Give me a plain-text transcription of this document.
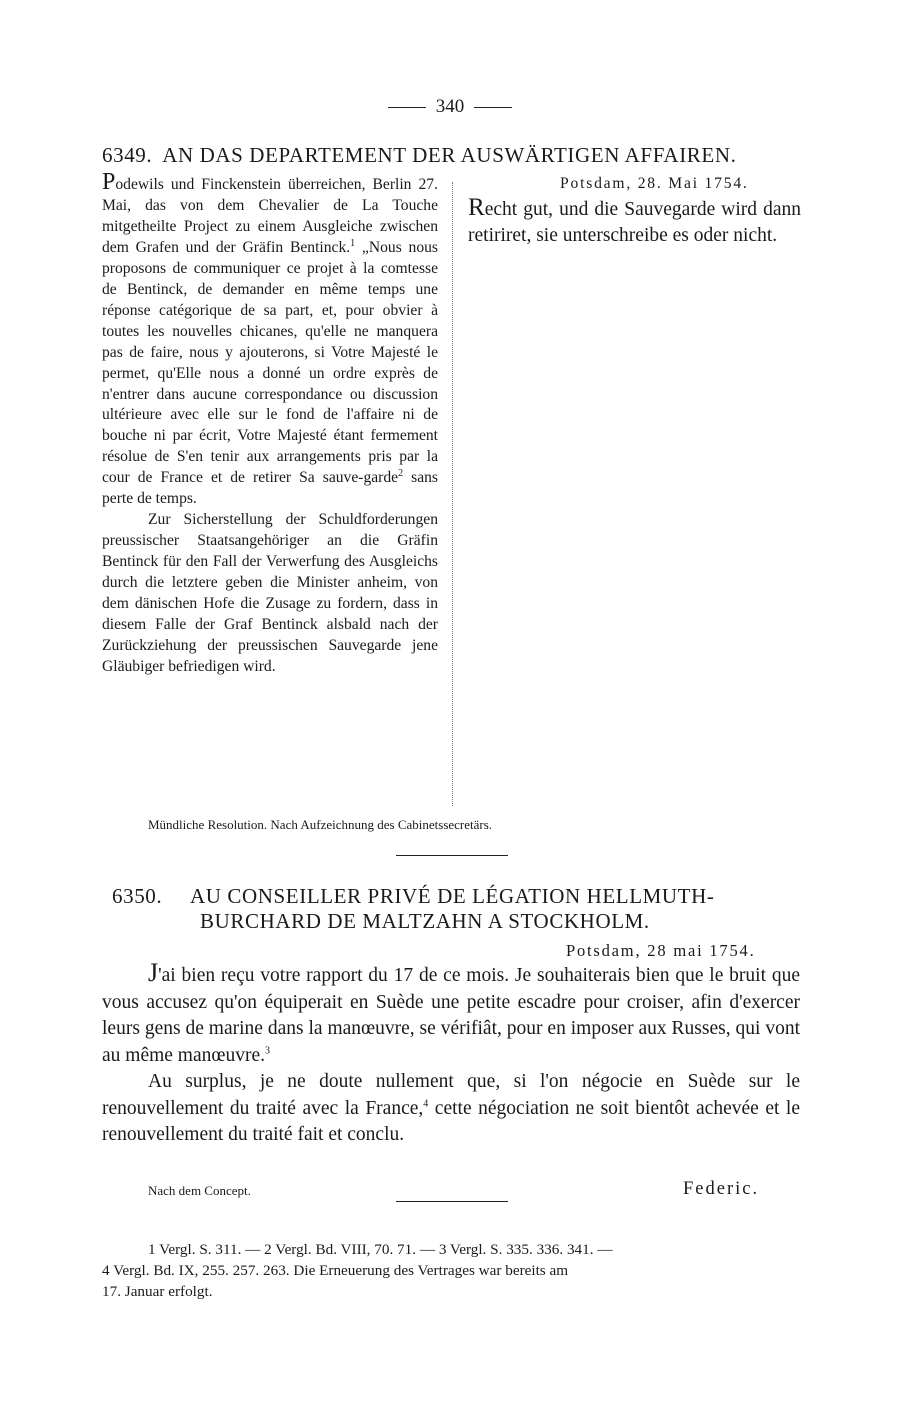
340
6349. AN DAS DEPARTEMENT DER AUSWÄRTIGEN AFFAIREN.

Podewils und Finckenstein überreichen, Berlin 27. Mai, das von dem Chevalier de La Touche mitgetheilte Project zu einem Ausgleiche zwischen dem Grafen und der Gräfin Bentinck.$^1$ „Nous nous proposons de communiquer ce projet à la comtesse de Bentinck, de demander en même temps une réponse catégorique de sa part, et, pour obvier à toutes les nouvelles chicanes, qu'elle ne manquera pas de faire, nous y ajouterons, si Votre Majesté le permet, qu'Elle nous a donné un ordre exprès de n'entrer dans aucune correspondance ou discussion ultérieure avec elle sur le fond de l'affaire ni de bouche ni par écrit, Votre Majesté étant fermement résolue de S'en tenir aux arrangements pris par la cour de France et de retirer Sa sauve-garde$^2$ sans perte de temps.

Zur Sicherstellung der Schuldforderungen preussischer Staatsangehöriger an die Gräfin Bentinck für den Fall der Verwerfung des Ausgleichs durch die letztere geben die Minister anheim, von dem dänischen Hofe die Zusage zu fordern, dass in diesem Falle der Graf Bentinck alsbald nach der Zurückziehung der preussischen Sauvegarde jene Gläubiger befriedigen wird.

Potsdam, 28. Mai 1754.
Recht gut, und die Sauvegarde wird dann retiriret, sie unterschreibe es oder nicht.
Mündliche Resolution. Nach Aufzeichnung des Cabinetssecretärs.
6350. AU CONSEILLER PRIVÉ DE LÉGATION HELLMUTH-
BURCHARD DE MALTZAHN A STOCKHOLM.
Potsdam, 28 mai 1754.

J'ai bien reçu votre rapport du 17 de ce mois. Je souhaiterais bien que le bruit que vous accusez qu'on équiperait en Suède une petite escadre pour croiser, afin d'exercer leurs gens de marine dans la manœuvre, se vérifiât, pour en imposer aux Russes, qui vont au même manœuvre.$^3$

Au surplus, je ne doute nullement que, si l'on négocie en Suède sur le renouvellement du traité avec la France,$^4$ cette négociation ne soit bientôt achevée et le renouvellement du traité fait et conclu.

Nach dem Concept.	Federic.
1 Vergl. S. 311. — 2 Vergl. Bd. VIII, 70. 71. — 3 Vergl. S. 335. 336. 341. —
4 Vergl. Bd. IX, 255. 257. 263. Die Erneuerung des Vertrages war bereits am
17. Januar erfolgt.
